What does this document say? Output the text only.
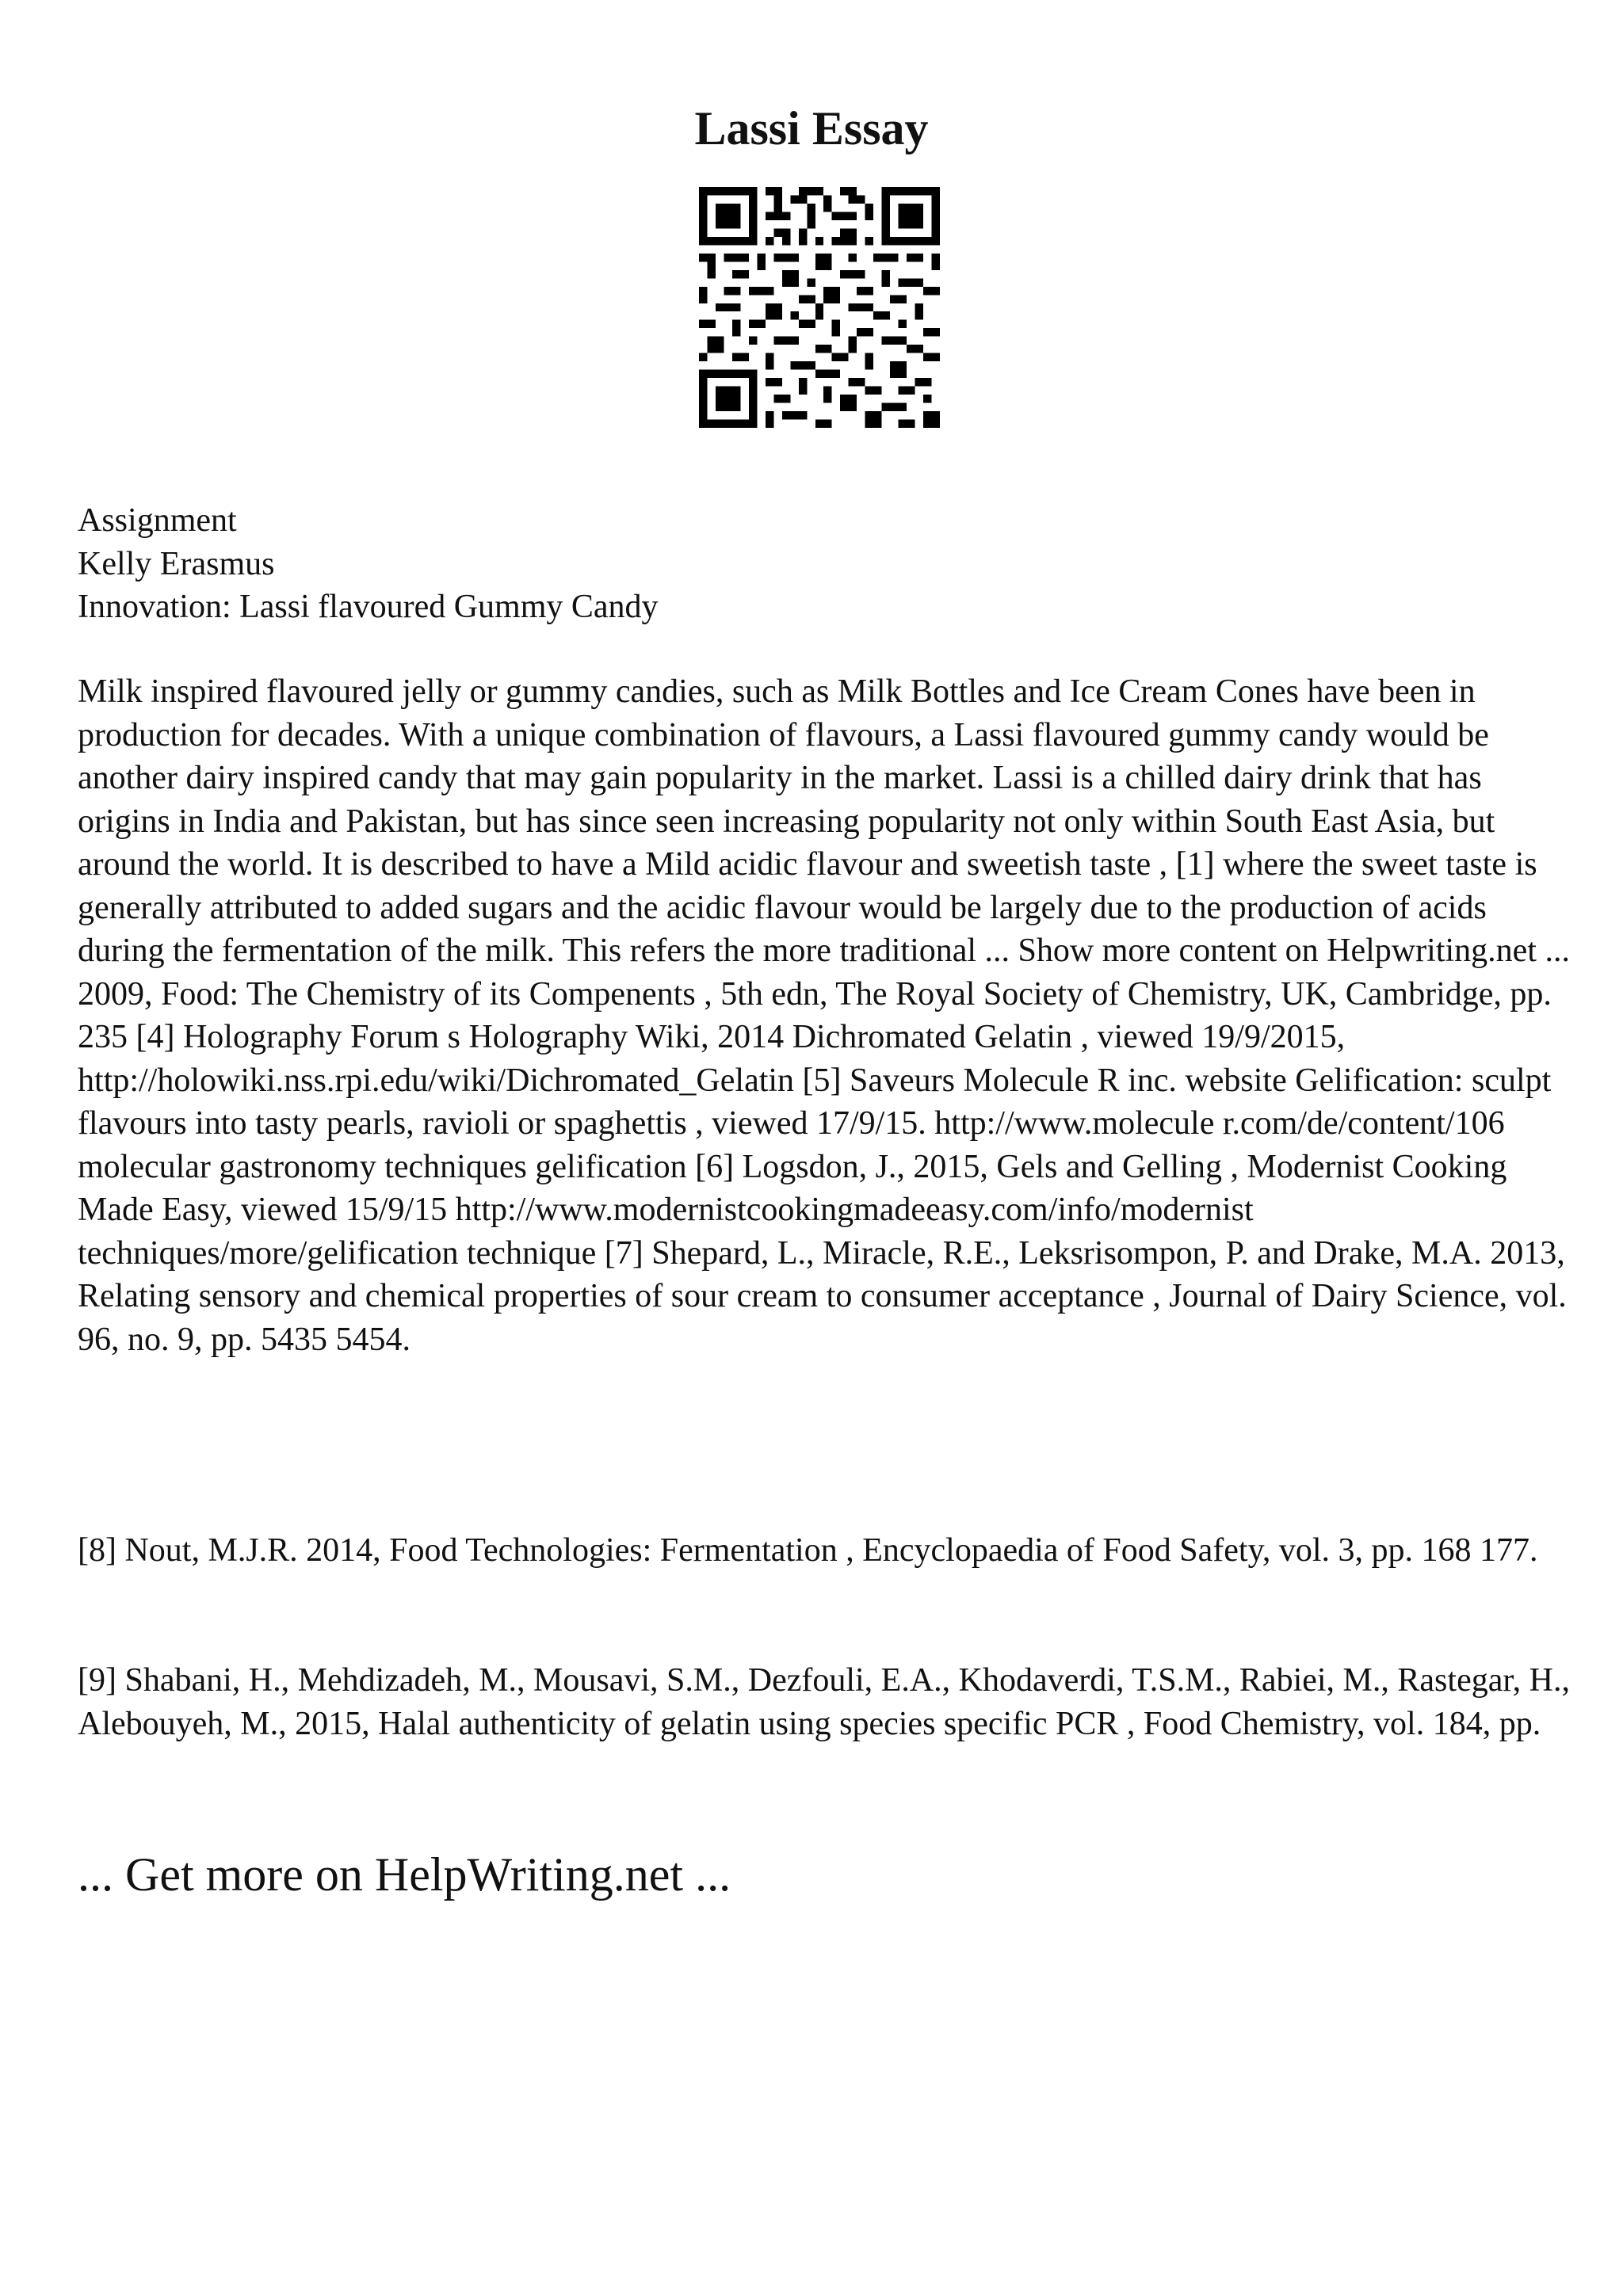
Lassi Essay
Assignment
Kelly Erasmus
Innovation: Lassi flavoured Gummy Candy

Milk inspired flavoured jelly or gummy candies, such as Milk Bottles and Ice Cream Cones have been in production for decades. With a unique combination of flavours, a Lassi flavoured gummy candy would be another dairy inspired candy that may gain popularity in the market. Lassi is a chilled dairy drink that has origins in India and Pakistan, but has since seen increasing popularity not only within South East Asia, but around the world. It is described to have a Mild acidic flavour and sweetish taste , [1] where the sweet taste is generally attributed to added sugars and the acidic flavour would be largely due to the production of acids during the fermentation of the milk. This refers the more traditional ... Show more content on Helpwriting.net ... 2009, Food: The Chemistry of its Compenents , 5th edn, The Royal Society of Chemistry, UK, Cambridge, pp. 235 [4] Holography Forum s Holography Wiki, 2014 Dichromated Gelatin , viewed 19/9/2015, http://holowiki.nss.rpi.edu/wiki/Dichromated_Gelatin [5] Saveurs Molecule R inc. website Gelification: sculpt flavours into tasty pearls, ravioli or spaghettis , viewed 17/9/15. http://www.molecule r.com/de/content/106 molecular gastronomy techniques gelification [6] Logsdon, J., 2015, Gels and Gelling , Modernist Cooking Made Easy, viewed 15/9/15 http://www.modernistcookingmadeeasy.com/info/modernist techniques/more/gelification technique [7] Shepard, L., Miracle, R.E., Leksrisompon, P. and Drake, M.A. 2013, Relating sensory and chemical properties of sour cream to consumer acceptance , Journal of Dairy Science, vol. 96, no. 9, pp. 5435 5454.

[8] Nout, M.J.R. 2014, Food Technologies: Fermentation , Encyclopaedia of Food Safety, vol. 3, pp. 168 177.

[9] Shabani, H., Mehdizadeh, M., Mousavi, S.M., Dezfouli, E.A., Khodaverdi, T.S.M., Rabiei, M., Rastegar, H., Alebouyeh, M., 2015, Halal authenticity of gelatin using species specific PCR , Food Chemistry, vol. 184, pp.

... Get more on HelpWriting.net ...
